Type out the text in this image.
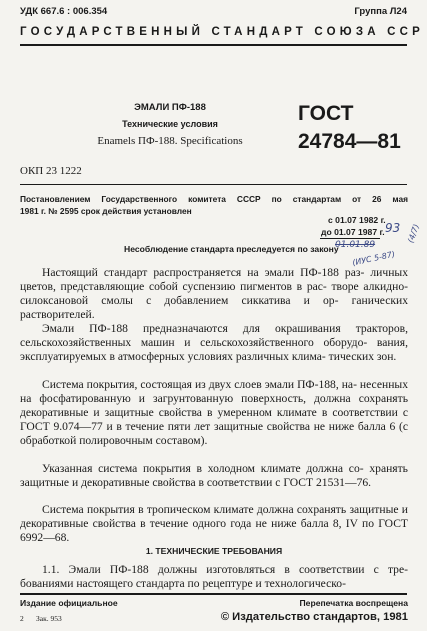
УДК 667.6 : 006.354	Группа Л24
ГОСУДАРСТВЕННЫЙ СТАНДАРТ СОЮЗА ССР
ЭМАЛИ ПФ-188
Технические условия
Enamels ПФ-188. Specifications
ГОСТ
24784—81
ОКП 23 1222
Постановлением Государственного комитета СССР по стандартам от 26 мая
1981 г. № 2595 срок действия установлен
с 01.07 1982 г.
до 01.07 1987 г.
Несоблюдение стандарта преследуется по закону
93 (4/7)
01.01.89
(ИУС 5-87)

Настоящий стандарт распространяется на эмали ПФ-188 раз- личных цветов, представляющие собой суспензию пигментов в рас- творе алкидно-силоксановой смолы с добавлением сиккатива и ор- ганических растворителей.

Эмали ПФ-188 предназначаются для окрашивания тракторов, сельскохозяйственных машин и сельскохозяйственного оборудо- вания, эксплуатируемых в атмосферных условиях различных клима- тических зон.

Система покрытия, состоящая из двух слоев эмали ПФ-188, на- несенных на фосфатированную и загрунтованную поверхность, должна сохранять декоративные и защитные свойства в умеренном климате в соответствии с ГОСТ 9.074—77 и в течение пяти лет защитные свойства не ниже балла 6 (с обработкой полировочным составом).

Указанная система покрытия в холодном климате должна со- хранять защитные и декоративные свойства в соответствии с ГОСТ 21531—76.

Система покрытия в тропическом климате должна сохранять защитные и декоративные свойства в течение одного года не ниже балла 8, IV по ГОСТ 6992—68.

1. ТЕХНИЧЕСКИЕ ТРЕБОВАНИЯ

1.1. Эмали ПФ-188 должны изготовляться в соответствии с тре- бованиями настоящего стандарта по рецептуре и технологическо-

Издание официальное	Перепечатка воспрещена
© Издательство стандартов, 1981
2 Зак. 953
